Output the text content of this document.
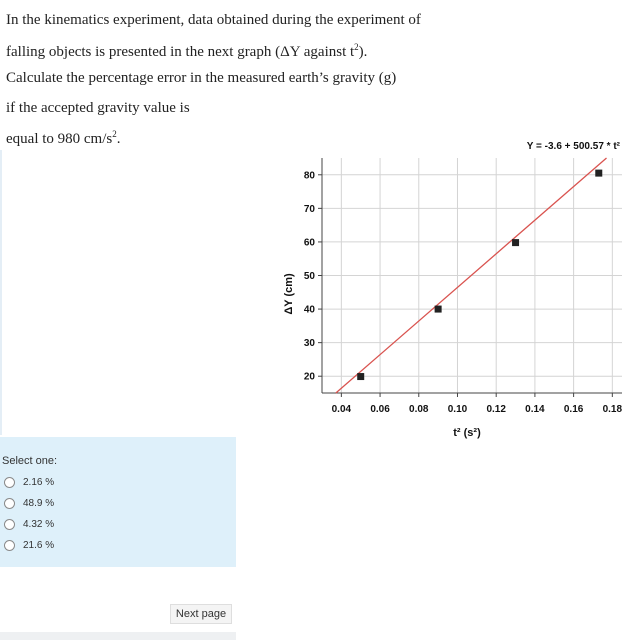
In the kinematics experiment, data obtained during the experiment of
falling objects is presented in the next graph (ΔY against $t^2$).
Calculate the percentage error in the measured earth’s gravity (g)
if the accepted gravity value is
equal to 980 $cm/s^2$.	Y = -3.6 + 500.57 * t²
0.04 0.06 0.08 0.10 0.12 0.14 0.16 0.18
20
30
40
50
60
70
80
t² (s²)
ΔY (cm)
Select one:
2.16 %
48.9 %
4.32 %
21.6 %
Next page
